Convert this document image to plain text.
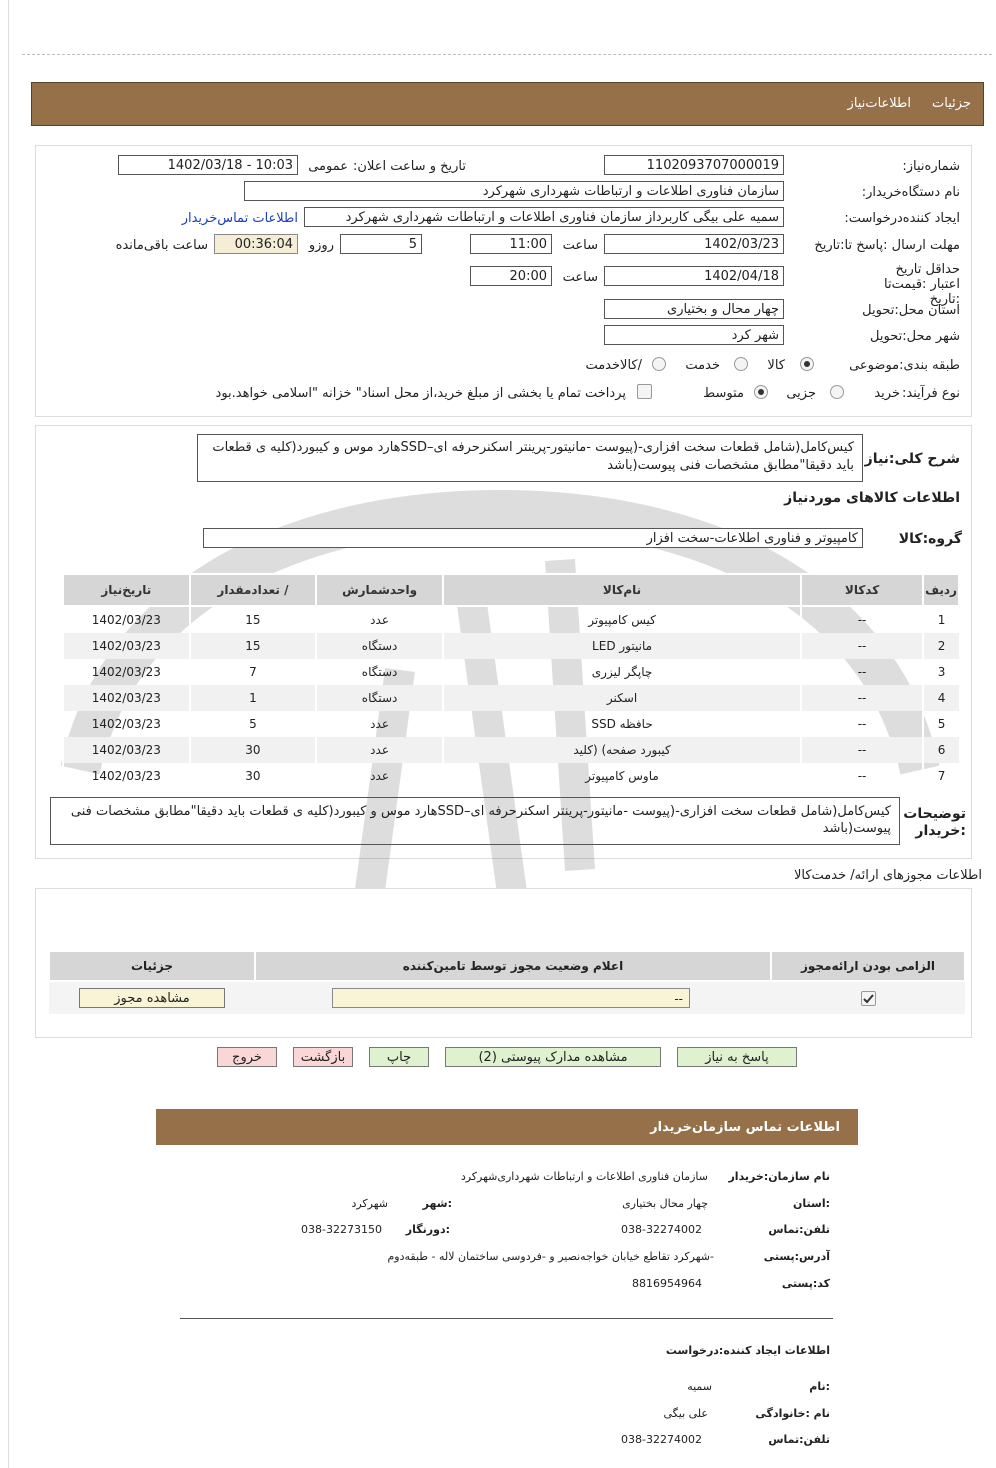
جزئیات
اطلاعات‌نیاز
شماره‌نیاز:
1102093707000019
تاریخ و ساعت اعلان:
عمومی
1402/03/18 - 10:03
نام دستگاه‌خریدار:
سازمان فناوری اطلاعات و ارتباطات شهرداری شهرکرد
ایجاد کننده‌درخواست:
سمیه علی بیگی کاربرداز سازمان فناوری اطلاعات و ارتباطات شهرداری شهرکرد
اطلاعات تماس‌خریدار
مهلت ارسال :پاسخ تا:تاریخ
1402/03/23
ساعت
11:00
5
روزو
00:36:04
ساعت باقی‌مانده
حداقل تاریخ اعتبار :قیمت‌تا :تاریخ
1402/04/18
ساعت
20:00
استان محل:تحویل
چهار محال و بختیاری
شهر محل:تحویل
شهر کرد
طبقه بندی:موضوعی
کالا
خدمت
/کالاخدمت
نوع فرآیند:
خرید
جزیی
متوسط
پرداخت تمام یا بخشی از مبلغ خرید،از محل اسناد" خزانه "اسلامی خواهد.بود
شرح کلی:نیاز
کیس‌کامل(شامل قطعات سخت افزاری-(پیوست -مانیتور-پرینتر اسکنرحرفه ای–SSDهارد موس و کیبورد(کلیه ی قطعات باید دقیقا"مطابق مشخصات فنی پیوست(باشد
اطلاعات کالاهای موردنیاز
گروه:کالا
کامپیوتر و فناوری اطلاعات-سخت افزار
ردیف	کدکالا	نام‌کالا	واحدشمارش	/ تعدادمقدار	تاریخ‌نیاز
1	--	کیس کامپیوتر	عدد	15	1402/03/23
2	--	مانیتور LED	دستگاه	15	1402/03/23
3	--	چاپگر لیزری	دستگاه	7	1402/03/23
4	--	اسکنر	دستگاه	1	1402/03/23
5	--	حافظه SSD	عدد	5	1402/03/23
6	--	کیبورد صفحه) (کلید	عدد	30	1402/03/23
7	--	ماوس کامپیوتر	عدد	30	1402/03/23
توضیحات :خریدار
کیس‌کامل(شامل قطعات سخت افزاری-(پیوست -مانیتور-پرینتر اسکنرحرفه ای–SSDهارد موس و کیبورد(کلیه ی قطعات باید دقیقا"مطابق مشخصات فنی پیوست(باشد
اطلاعات مجوزهای ارائه/ خدمت‌کالا
الزامی بودن ارائه‌مجوز	اعلام وضعیت مجوز توسط تامین‌کننده	جزئیات

--	مشاهده مجوز
پاسخ به نیاز
مشاهده مدارک پیوستی (2)
چاپ
بازگشت
خروج
اطلاعات تماس سازمان‌خریدار
نام سازمان:خریدار
سازمان فناوری اطلاعات و ارتباطات شهرداری‌شهرکرد
:استان
چهار محال بختیاری
:شهر
شهرکرد
تلفن:تماس
038-32274002
:دورنگار
038-32273150
آدرس:پستی
-شهرکرد تقاطع خیابان خواجه‌نصیر و -فردوسی ساختمان لاله - طبقه‌دوم
کد:پستی
8816954964
اطلاعات ایجاد کننده:درخواست
:نام
سمیه
نام :خانوادگی
علی بیگی
تلفن:تماس
038-32274002
